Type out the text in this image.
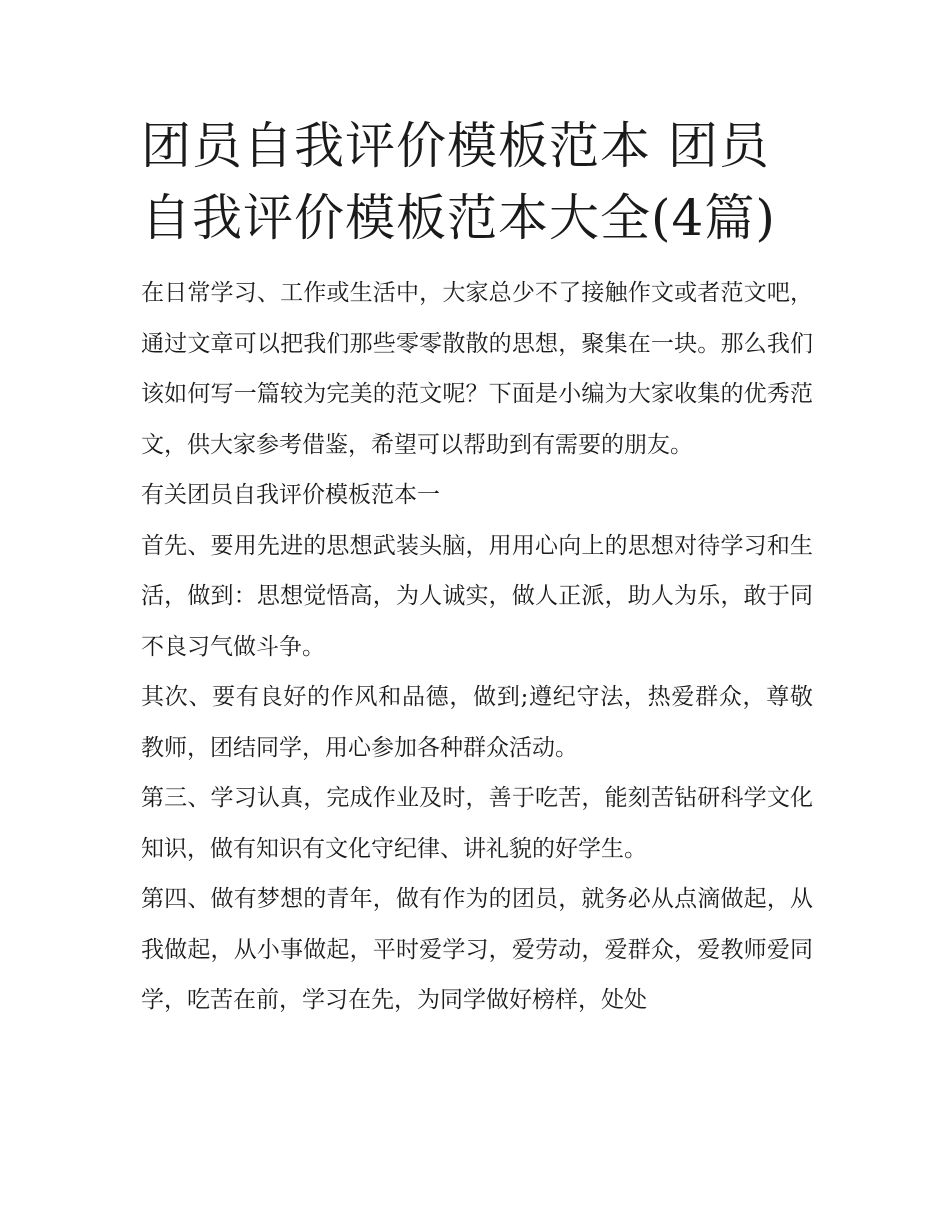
团员自我评价模板范本 团员自我评价模板范本大全(4篇)

在日常学习、工作或生活中，大家总少不了接触作文或者范文吧，通过文章可以把我们那些零零散散的思想，聚集在一块。那么我们该如何写一篇较为完美的范文呢？下面是小编为大家收集的优秀范文，供大家参考借鉴，希望可以帮助到有需要的朋友。

有关团员自我评价模板范本一

首先、要用先进的思想武装头脑，用用心向上的思想对待学习和生活，做到：思想觉悟高，为人诚实，做人正派，助人为乐，敢于同不良习气做斗争。

其次、要有良好的作风和品德，做到;遵纪守法，热爱群众，尊敬教师，团结同学，用心参加各种群众活动。

第三、学习认真，完成作业及时，善于吃苦，能刻苦钻研科学文化知识，做有知识有文化守纪律、讲礼貌的好学生。

第四、做有梦想的青年，做有作为的团员，就务必从点滴做起，从我做起，从小事做起，平时爱学习，爱劳动，爱群众，爱教师爱同学，吃苦在前，学习在先，为同学做好榜样，处处
